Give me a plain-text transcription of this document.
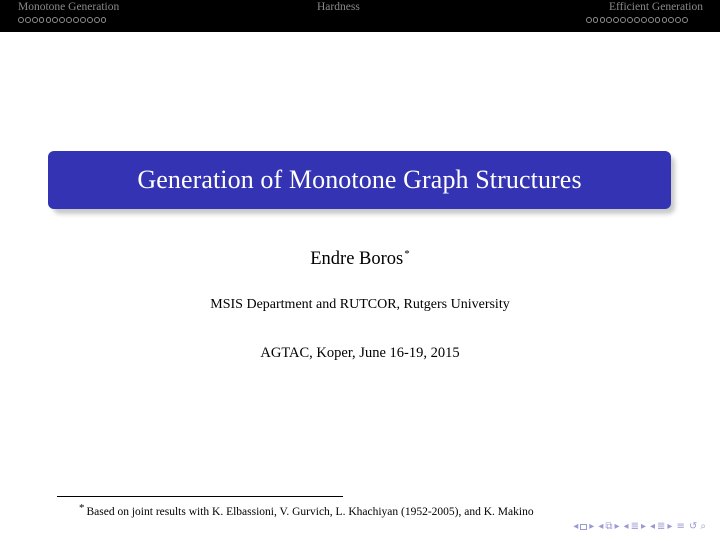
Monotone Generation	Hardness	Efficient Generation
Generation of Monotone Graph Structures
Endre Boros*
MSIS Department and RUTCOR, Rutgers University
AGTAC, Koper, June 16-19, 2015
* Based on joint results with K. Elbassioni, V. Gurvich, L. Khachiyan (1952-2005), and K. Makino
◂ ▸ ◂ ⧉ ▸ ◂ ≣ ▸ ◂ ≣ ▸ ≡ ↺ ⌕
